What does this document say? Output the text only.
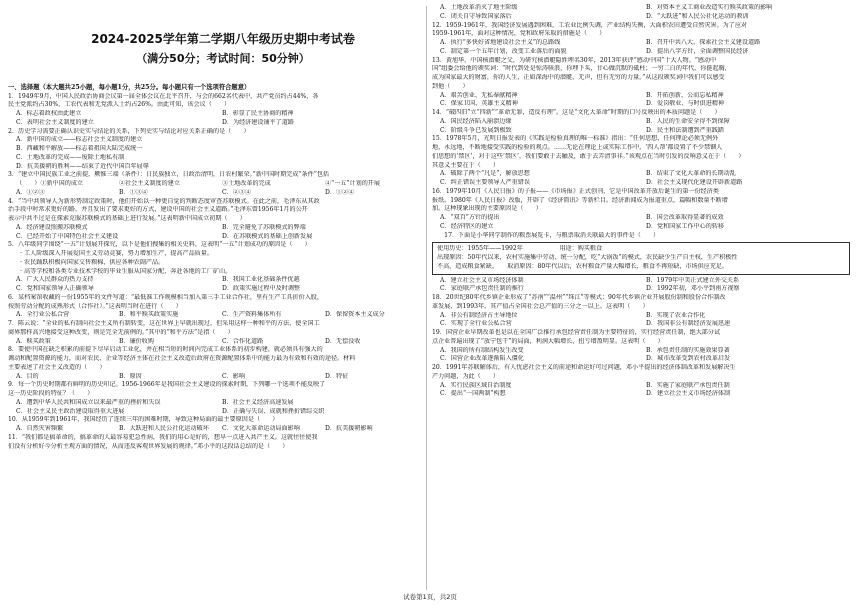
2024-2025学年第二学期八年级历史期中考试卷
（满分50分；考试时间：50分钟）
一、选择题（本大题共25小题，每小题1分，共25分。每小题只有一个选项符合题意）
1．1949年9月，中国人民政治协商会议第一届全体会议在北平召开，与会的662名代表中，共产党员约占44%，各
民主党派约占30%，工农代表和无党派人士约占26%。由此可知，该会议（　　）
A．标志着政权由此建立	B．彰显了民主协商的精神
C．表明社会主义制度的建立	D．为经济建设铺平了道路
2．历史学习需要正确认识史实与结论的关系，下列史实与结论对应关系正确的是（　　）
A．新中国的成立——标志社会主义制度的建立
B．西藏和平解放——标志着祖国大陆完成统一
C．土地改革的完成——废除土地私有制
D．抗美援朝的胜利——结束了近代中国百年屈辱
3．“建立中国民族工业之前提，厥惟三端（条件）：日民族独立，日政治清明，日农村繁荣。”新中国时期完成“条件”包括
（　　）①新中国的成立	②社会主义制度的建立	③土地改革的完成	④“一五”计划的开展
A．①②③	B．①③④	C．②③④	D．①②④
4．“当中共领导人为新形势制定政策时，他们开始以一种更自觉的判断态度审查苏联模式。在此之前，毛泽东从其政
治手段中时常求更好的路，并且发出了要求更好的方式，建设中国的社会主义道路。”毛泽东曾1956年1月的公开
表示中共不过是在探索克服苏联模式的基础上进行发展。”这表明新中国成立初期（　　）
A．经济建设照搬苏联模式	B．完全避免了苏联模式的弊端
C．已经开始了中国特色社会主义建设	D．在苏联模式的基础上创新发展
5．八年级同学围绕“一五”计划展开探究，以下是他们搜集的相关史料，这表明“一五”计划成功的原因是（　　）
　　· 工人阶级深入开展爱国主义劳动竞赛，努力增加生产，提高产品质量。
　　· 农民踊跃积极向国家交售粮棉，供应各种农副产品。
　　· 高等学校和各类专业技术学校的毕业生服从国家分配，奔赴各地的工厂矿山。
A．广大人民群众的热力支持	B．我国工业化基础条件优越
C．党和国家领导人正确领导	D．政策实施过程中及时调整
6．某档案馆收藏的一份1955年的文件写道：“最低准工作规模相当加入第三手工业合作社，里有生产工具折价入股，
按照劳动分配的成熟形式（合作社）。”这表明当时在进行（　　）
A．全行业公私合营	B．和平赎买政策实施	C．生产资料集体所有	D．保留资本主义成分
7．陈云说：“全业的私有制向社会主义所有制转变，这在世界上早就出现过，但采用这样一种和平的方法，使全国工
商界那样高兴地接受这种改变，则是完全无前例的。”其中的“和平方法”是指（　　）
A．赎买政策	B．廉价收购	C．合作化道路	D．无偿没收
8．要使中国在缺乏积累的前提下尽早启动工业化，并在相当短的时间内完成工业体系的初步构建，就必须具有强大的
调动和配置资源的能力，而对农民、企业等经济主体在社会主义改造后政府在资源配置体系中的能力最为有效和有效的途径。材料
主要表述了社会主义改造的（　　）
A．目的	B．原因	C．影响	D．特征
9．每一个历史时期都有鲜明的历史印记。1956-1966年是我国社会主义建设的探索时期，下列哪一个选项不能反映了
这一历史阶段的特征？（　　）
A．遭到中华人民共和国成立以来最严重的挫折和失误	B．社会主义经济高速发展
C．社会主义民主政治建设取得重大进展	D．正确与失误、成就和挫折错综交织
10．从1959年到1961年，我国经历了连续三年的困难时期，导致这种局面的最主要原因是（　　）
A．自然灾害频繁	B．大跃进和人民公社化运动破坏	C．文化大革命运动局面影响	D．抗美援朝影响
11．“我们都是搞革命的，搞革命的人最容易犯急性病，我们的用心是好的，想早一点进入共产主义。这就往往使我
们没有分析好今分析主观方面的情况，从而违反客观世界发展的规律。”邓小平的这段话总结的是（　　）
A．土地改革消灭了地主阶级	B．对资本主义工商业改造实行赎买政策的影响
C．闭关自守导致国家落后	D．“大跃进”和人民公社化运动的教训
12．1959-1961年，我国经济发展遇到困难，工农业比例失调，产业结构失衡，大面积农田遭受自然灾害。为了应对
1959-1961年，面对这种情况，党和政府采取的措施是（　　）
A．执行“多快好省地建设社会主义”的总路线	B．召开中共八大，探索社会主义建设道路
C．制定第一个五年计划，改变工业落后的面貌	D．提出八字方针，全面调整国民经济
13．黄旭华，中国核潜艇之父，为研究核潜艇隐姓埋名30年，2013年获评“感动中国”十大人物。“感动中
国”组委会给他的颁奖词：“时代到处是惊涛骇浪，你埋下头，甘心做沉默的砥柱；一穷二白的年代，你挺起胸，
成为国家最大的财富，你的人生，正如深海中的潜艇，无声，但有无穷的力量。”从这段颁奖词中我们可以感受
到他（　　）
A．艰苦创业、无私奉献精神	B．开拓创新、公而忘私精神
C．保家卫国、英雄主义精神	D．爱岗敬业、与时俱进精神
14．“破四旧”立“四新”“革命无罪，造反有理”。这是“文化大革命”时期的口号反映出的本质问题是（　　）
A．国民经济陷入崩溃边缘	B．人民的生命安全得不到保障
C．阶级斗争已发展到极致	D．民主和法制遭到严重践踏
15．1978年5月，光明日报发表的《实践是检验真理的唯一标准》指出：“任何思想，任何理论必须无例外
地，永远地，不断地接受实践的检验的观点。……无论在理论上或实际工作中，‘四人帮’都设置了不少禁锢人
们思想的‘禁区’，对于这些‘禁区’，我们要敢于去触及，敢于去弄清事非。”该观点在当时引发的反响意义在于（　　）
其意义主要在于（　　）
A．破除了两个“凡是”，解放思想	B．结束了文化大革命的长期动乱
C．纠正错误主要领导人严重错误	D．社会主义现代化建设开辟新道路
16．1979年10月《人民日报》的子报——《市场报》正式创刊，它是中国改革开放后诞生的第一份经济类
报纸。1980年《人民日报》改版，开辟了《经济简讯》等新栏目。经济新闻成为报道重点，篇幅和数量不断增
加。这种现象出现的主要原因是（　　）
A．“双百”方针的提出	B．国会改革取得显著的成效
C．经济特区的建立	D．党和国家工作中心的转移
　　17．下面是小华同学制作的粮票展览卡，与粮票取消关联最大的事件是（　　）
使用历史：1955年——1992年　　　　　　	用途：购买粮食
出现原因：50年代以来，农村实施集中劳动、统一分配，吃“大锅饭”的模式，农民缺少生产自主权，生产积极性
不高，造成粮食紧缺。　　取消原因：80年代以后，农村粮食产量大幅增长，粮食不再短缺，市场供应充足。
A．建立社会主义市场经济体制	B．1979年中美正式建立外交关系
C．家庭联产承包责任制的推行	D．1992年初，邓小平到南方视察
18．20世纪80年代乡镇企业形成了“苏南”“温州”“珠江”等模式；90年代乡镇企业开展股份制和股份合作制改
革发展，到1993年，其产值占全国社会总产值的三分之一以上。这表明（　　）
A．非公有制经济占主导地位	B．实现了农业合作化
C．实现了全行业公私合营	D．我国非公有制经济发展迅速
19．国营企业早期改革也是以在全国广泛推行承包经营责任制为主要特征的，实行经营责任制，绝大部分试
点企业普遍出现了“放宁包干”的局面，利润大幅增长，扭亏增盈明显。这表明（　　）
A．我国的所有制结构发生改变	B．承包责任制的实施效果显著
C．国营企业改革逐渐陷入僵化	D．城市改革受到农村改革启发
20．1991年苏联解体后，有人忧虑社会主义的前途和命运好可过问题，邓小平提出的经济体制改革和发展解决生
产力问题，为此（　　）
A．实行民族区域自治制度	B．实施了家庭联产承包责任制
C．提出“一国两制”构想	D．建立社会主义市场经济体制
试卷第1页，共2页
